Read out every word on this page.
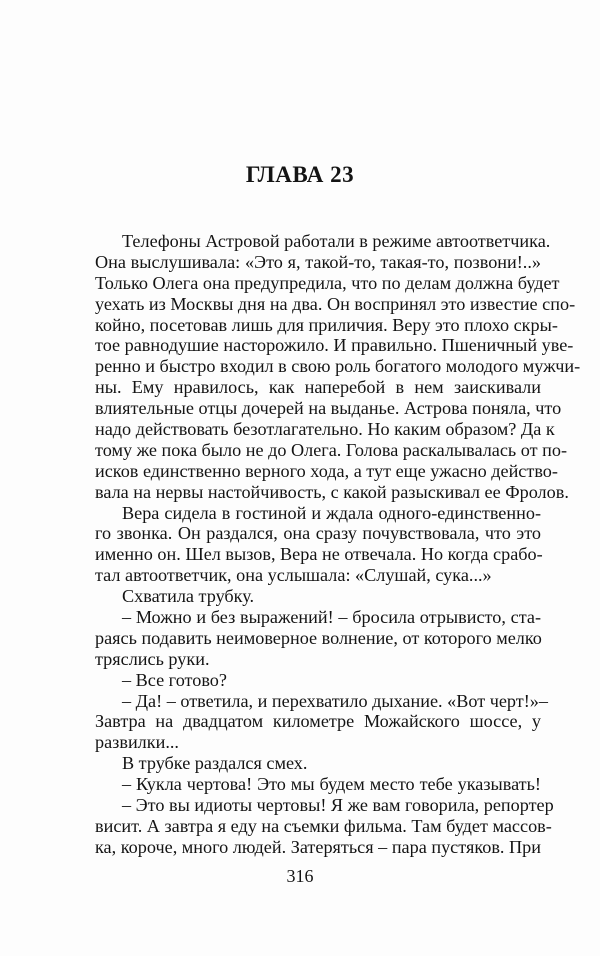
ГЛАВА 23
Телефоны Астровой работали в режиме автоответчика.
Она выслушивала: «Это я, такой-то, такая-то, позвони!..»
Только Олега она предупредила, что по делам должна будет
уехать из Москвы дня на два. Он воспринял это известие спо-
койно, посетовав лишь для приличия. Веру это плохо скры-
тое равнодушие насторожило. И правильно. Пшеничный уве-
ренно и быстро входил в свою роль богатого молодого мужчи-
ны. Ему нравилось, как наперебой в нем заискивали
влиятельные отцы дочерей на выданье. Астрова поняла, что
надо действовать безотлагательно. Но каким образом? Да к
тому же пока было не до Олега. Голова раскалывалась от по-
исков единственно верного хода, а тут еще ужасно действо-
вала на нервы настойчивость, с какой разыскивал ее Фролов.
Вера сидела в гостиной и ждала одного-единственно-
го звонка. Он раздался, она сразу почувствовала, что это
именно он. Шел вызов, Вера не отвечала. Но когда срабо-
тал автоответчик, она услышала: «Слушай, сука...»
Схватила трубку.
– Можно и без выражений! – бросила отрывисто, ста-
раясь подавить неимоверное волнение, от которого мелко
тряслись руки.
– Все готово?
– Да! – ответила, и перехватило дыхание. «Вот черт!»–
Завтра на двадцатом километре Можайского шоссе, у
развилки...
В трубке раздался смех.
– Кукла чертова! Это мы будем место тебе указывать!
– Это вы идиоты чертовы! Я же вам говорила, репортер
висит. А завтра я еду на съемки фильма. Там будет массов-
ка, короче, много людей. Затеряться – пара пустяков. При
316
